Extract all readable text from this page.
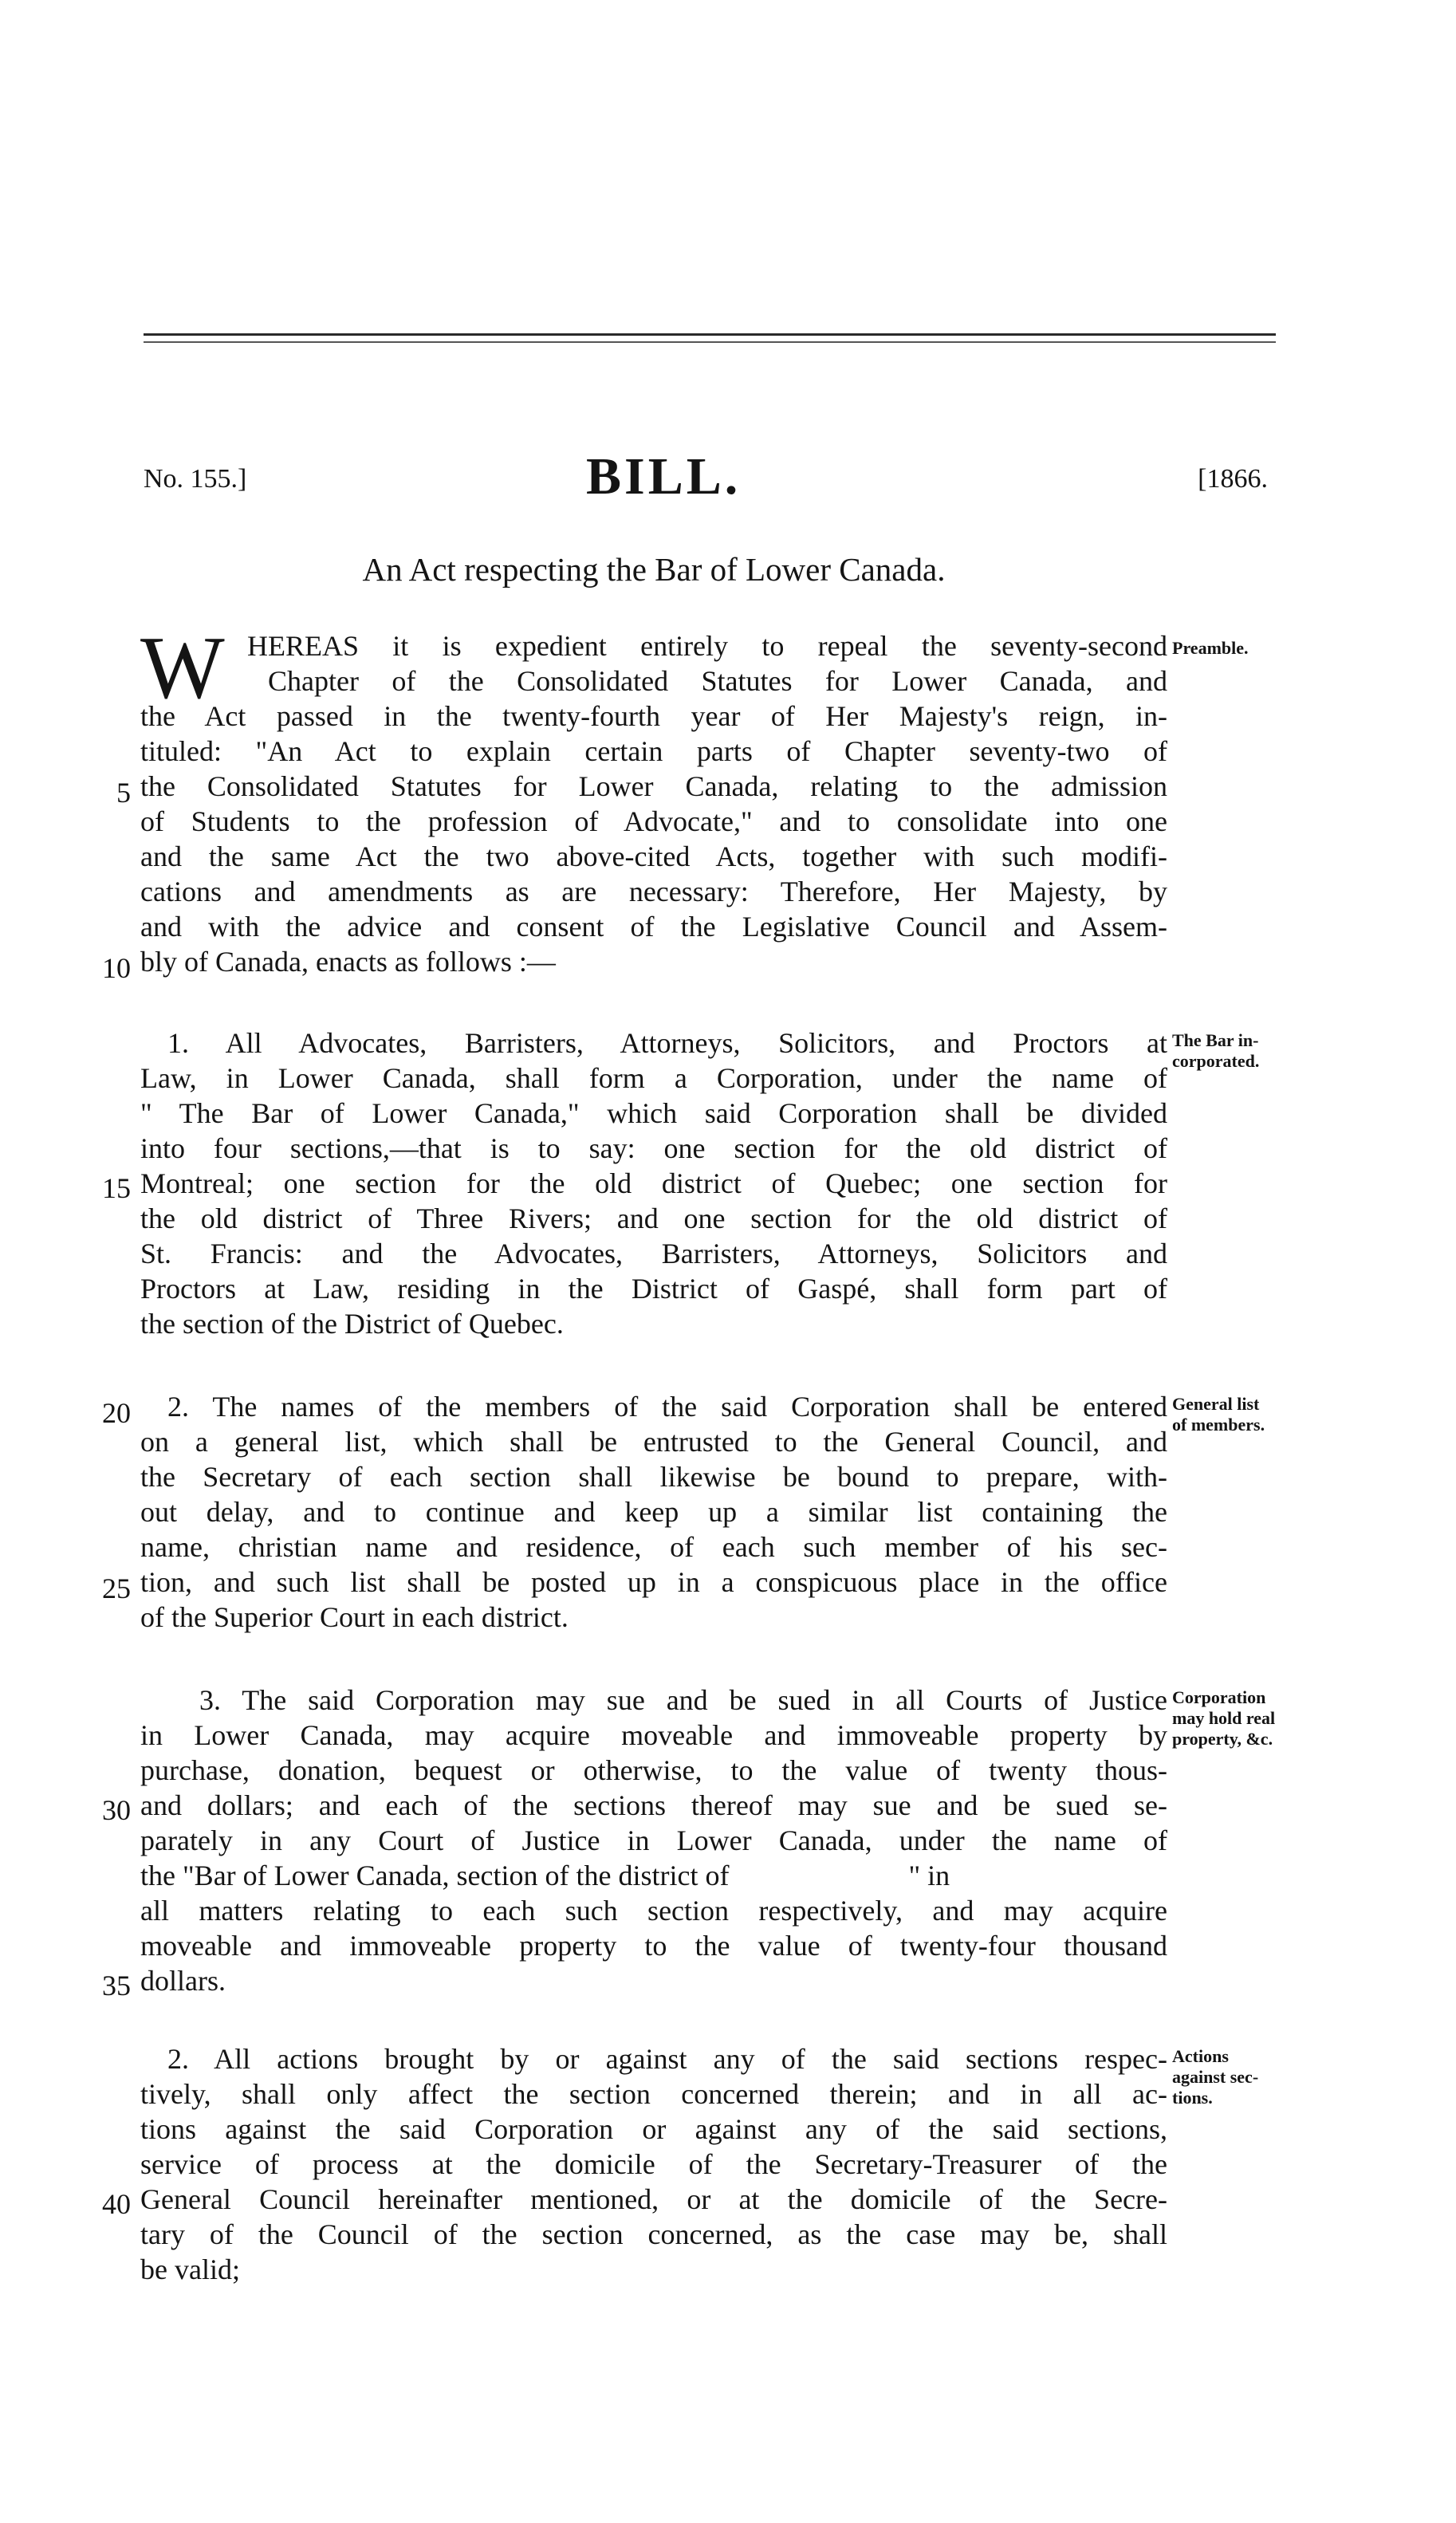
No. 155.]	BILL.	[1866.
An Act respecting the Bar of Lower Canada.
W HEREAS it is expedient entirely to repeal the seventy-second
Chapter of the Consolidated Statutes for Lower Canada, and
the Act passed in the twenty-fourth year of Her Majesty's reign, in-
tituled: "An Act to explain certain parts of Chapter seventy-two of
the Consolidated Statutes for Lower Canada, relating to the admission
of Students to the profession of Advocate," and to consolidate into one
and the same Act the two above-cited Acts, together with such modifi-
cations and amendments as are necessary: Therefore, Her Majesty, by
and with the advice and consent of the Legislative Council and Assem-
bly of Canada, enacts as follows :—
1. All Advocates, Barristers, Attorneys, Solicitors, and Proctors at
Law, in Lower Canada, shall form a Corporation, under the name of
" The Bar of Lower Canada," which said Corporation shall be divided
into four sections,—that is to say: one section for the old district of
Montreal; one section for the old district of Quebec; one section for
the old district of Three Rivers; and one section for the old district of
St. Francis: and the Advocates, Barristers, Attorneys, Solicitors and
Proctors at Law, residing in the District of Gaspé, shall form part of
the section of the District of Quebec.
2. The names of the members of the said Corporation shall be entered
on a general list, which shall be entrusted to the General Council, and
the Secretary of each section shall likewise be bound to prepare, with-
out delay, and to continue and keep up a similar list containing the
name, christian name and residence, of each such member of his sec-
tion, and such list shall be posted up in a conspicuous place in the office
of the Superior Court in each district.
3. The said Corporation may sue and be sued in all Courts of Justice
in Lower Canada, may acquire moveable and immoveable property by
purchase, donation, bequest or otherwise, to the value of twenty thous-
and dollars; and each of the sections thereof may sue and be sued se-
parately in any Court of Justice in Lower Canada, under the name of
the "Bar of Lower Canada, section of the district of                         " in
all matters relating to each such section respectively, and may acquire
moveable and immoveable property to the value of twenty-four thousand
dollars.
2. All actions brought by or against any of the said sections respec-
tively, shall only affect the section concerned therein; and in all ac-
tions against the said Corporation or against any of the said sections,
service of process at the domicile of the Secretary-Treasurer of the
General Council hereinafter mentioned, or at the domicile of the Secre-
tary of the Council of the section concerned, as the case may be, shall
be valid;
5
10
15
20
25
30
35
40
Preamble.
The Bar in-
corporated.
General list
of members.
Corporation
may hold real
property, &c.
Actions
against sec-
tions.
